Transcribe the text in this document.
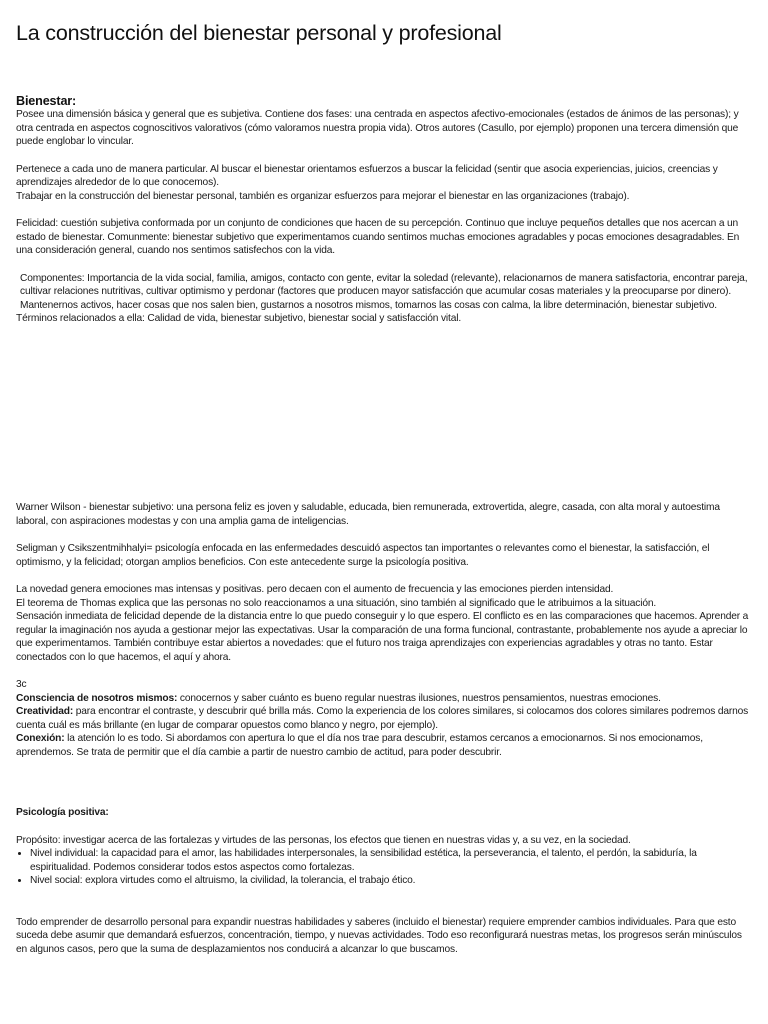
La construcción del bienestar personal y profesional

Bienestar:

Posee una dimensión básica y general que es subjetiva. Contiene dos fases: una centrada en aspectos afectivo-emocionales (estados de ánimos de las personas); y otra centrada en aspectos cognoscitivos valorativos (cómo valoramos nuestra propia vida). Otros autores (Casullo, por ejemplo) proponen una tercera dimensión que puede englobar lo vincular.

Pertenece a cada uno de manera particular. Al buscar el bienestar orientamos esfuerzos a buscar la felicidad (sentir que asocia experiencias, juicios, creencias y aprendizajes alrededor de lo que conocemos).

Trabajar en la construcción del bienestar personal, también es organizar esfuerzos para mejorar el bienestar en las organizaciones (trabajo).

Felicidad: cuestión subjetiva conformada por un conjunto de condiciones que hacen de su percepción. Continuo que incluye pequeños detalles que nos acercan a un estado de bienestar. Comunmente: bienestar subjetivo que experimentamos cuando sentimos muchas emociones agradables y pocas emociones desagradables. En una consideración general, cuando nos sentimos satisfechos con la vida.

Componentes: Importancia de la vida social, familia, amigos, contacto con gente, evitar la soledad (relevante), relacionarnos de manera satisfactoria, encontrar pareja, cultivar relaciones nutritivas, cultivar optimismo y perdonar (factores que producen mayor satisfacción que acumular cosas materiales y la preocuparse por dinero). Mantenernos activos, hacer cosas que nos salen bien, gustarnos a nosotros mismos, tomarnos las cosas con calma, la libre determinación, bienestar subjetivo.

Términos relacionados a ella: Calidad de vida, bienestar subjetivo, bienestar social y satisfacción vital.

Warner Wilson - bienestar subjetivo: una persona feliz es joven y saludable, educada, bien remunerada, extrovertida, alegre, casada, con alta moral y autoestima laboral, con aspiraciones modestas y con una amplia gama de inteligencias.

Seligman y Csikszentmihhalyi= psicología enfocada en las enfermedades descuidó aspectos tan importantes o relevantes como el bienestar, la satisfacción, el optimismo, y la felicidad; otorgan amplios beneficios. Con este antecedente surge la psicología positiva.

La novedad genera emociones mas intensas y positivas. pero decaen con el aumento de frecuencia y las emociones pierden intensidad.

El teorema de Thomas explica que las personas no solo reaccionamos a una situación, sino también al significado que le atribuimos a la situación.

Sensación inmediata de felicidad depende de la distancia entre lo que puedo conseguir y lo que espero. El conflicto es en las comparaciones que hacemos. Aprender a regular la imaginación nos ayuda a gestionar mejor las expectativas. Usar la comparación de una forma funcional, contrastante, probablemente nos ayude a apreciar lo que experimentamos. También contribuye estar abiertos a novedades: que el futuro nos traiga aprendizajes con experiencias agradables y otras no tanto. Estar conectados con lo que hacemos, el aquí y ahora.

3c

Consciencia de nosotros mismos: conocernos y saber cuánto es bueno regular nuestras ilusiones, nuestros pensamientos, nuestras emociones.

Creatividad: para encontrar el contraste, y descubrir qué brilla más. Como la experiencia de los colores similares, si colocamos dos colores similares podremos darnos cuenta cuál es más brillante (en lugar de comparar opuestos como blanco y negro, por ejemplo).

Conexión: la atención lo es todo. Si abordamos con apertura lo que el día nos trae para descubrir, estamos cercanos a emocionarnos. Si nos emocionamos, aprendemos. Se trata de permitir que el día cambie a partir de nuestro cambio de actitud, para poder descubrir.

Psicología positiva:

Propósito: investigar acerca de las fortalezas y virtudes de las personas, los efectos que tienen en nuestras vidas y, a su vez, en la sociedad.

• Nivel individual: la capacidad para el amor, las habilidades interpersonales, la sensibilidad estética, la perseverancia, el talento, el perdón, la sabiduría, la espiritualidad. Podemos considerar todos estos aspectos como fortalezas.
• Nivel social: explora virtudes como el altruismo, la civilidad, la tolerancia, el trabajo ético.

Todo emprender de desarrollo personal para expandir nuestras habilidades y saberes (incluido el bienestar) requiere emprender cambios individuales. Para que esto suceda debe asumir que demandará esfuerzos, concentración, tiempo, y nuevas actividades. Todo eso reconfigurará nuestras metas, los progresos serán minúsculos en algunos casos, pero que la suma de desplazamientos nos conducirá a alcanzar lo que buscamos.
